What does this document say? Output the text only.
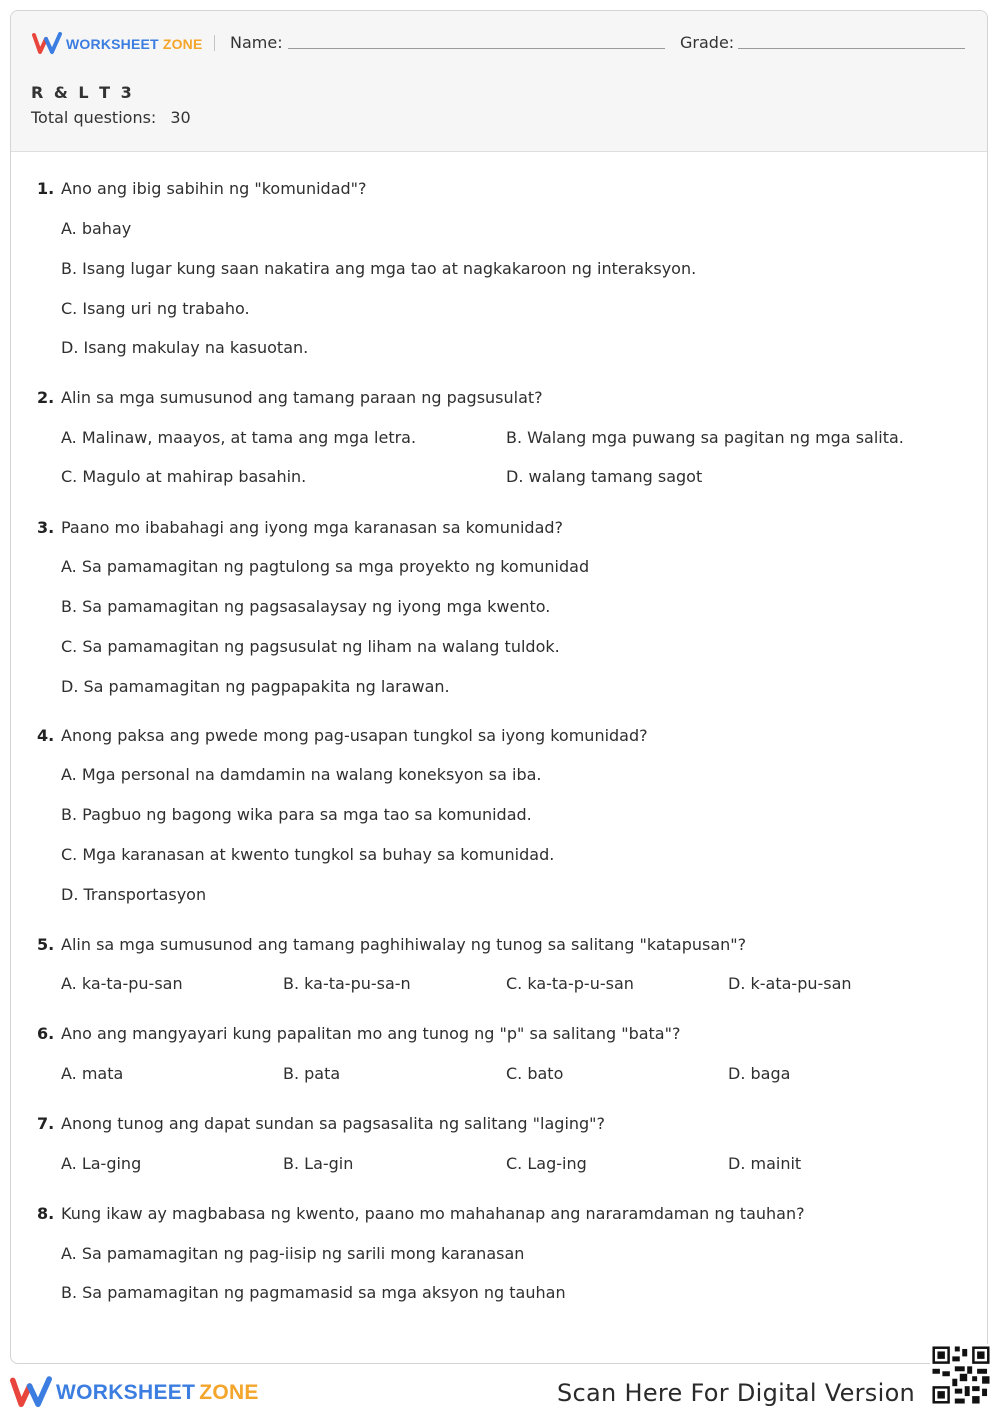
WORKSHEET ZONE Name:	Grade:
R & L T 3
Total questions: 30
1. Ano ang ibig sabihin ng "komunidad"?
A. bahay
B. Isang lugar kung saan nakatira ang mga tao at nagkakaroon ng interaksyon.
C. Isang uri ng trabaho.
D. Isang makulay na kasuotan.
2. Alin sa mga sumusunod ang tamang paraan ng pagsusulat?
A. Malinaw, maayos, at tama ang mga letra.	B. Walang mga puwang sa pagitan ng mga salita.
C. Magulo at mahirap basahin.	D. walang tamang sagot
3. Paano mo ibabahagi ang iyong mga karanasan sa komunidad?
A. Sa pamamagitan ng pagtulong sa mga proyekto ng komunidad
B. Sa pamamagitan ng pagsasalaysay ng iyong mga kwento.
C. Sa pamamagitan ng pagsusulat ng liham na walang tuldok.
D. Sa pamamagitan ng pagpapakita ng larawan.
4. Anong paksa ang pwede mong pag-usapan tungkol sa iyong komunidad?
A. Mga personal na damdamin na walang koneksyon sa iba.
B. Pagbuo ng bagong wika para sa mga tao sa komunidad.
C. Mga karanasan at kwento tungkol sa buhay sa komunidad.
D. Transportasyon
5. Alin sa mga sumusunod ang tamang paghihiwalay ng tunog sa salitang "katapusan"?
A. ka-ta-pu-san	B. ka-ta-pu-sa-n	C. ka-ta-p-u-san	D. k-ata-pu-san
6. Ano ang mangyayari kung papalitan mo ang tunog ng "p" sa salitang "bata"?
A. mata	B. pata	C. bato	D. baga
7. Anong tunog ang dapat sundan sa pagsasalita ng salitang "laging"?
A. La-ging	B. La-gin	C. Lag-ing	D. mainit
8. Kung ikaw ay magbabasa ng kwento, paano mo mahahanap ang nararamdaman ng tauhan?
A. Sa pamamagitan ng pag-iisip ng sarili mong karanasan
B. Sa pamamagitan ng pagmamasid sa mga aksyon ng tauhan
WORKSHEET ZONE	Scan Here For Digital Version
